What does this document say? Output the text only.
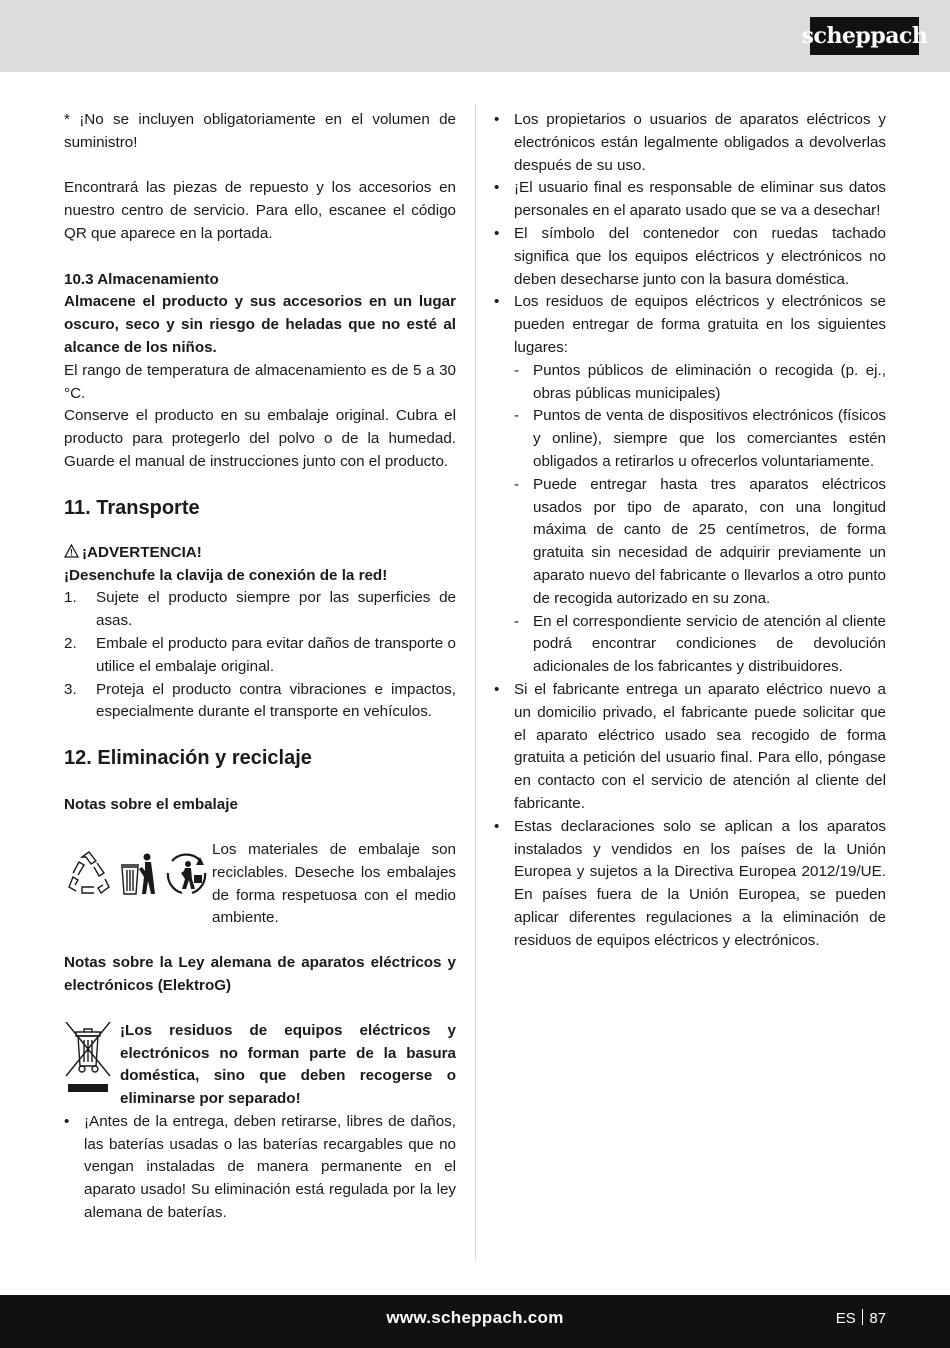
scheppach

* ¡No se incluyen obligatoriamente en el volumen de suministro!

Encontrará las piezas de repuesto y los accesorios en nuestro centro de servicio. Para ello, escanee el código QR que aparece en la portada.

10.3 Almacenamiento

Almacene el producto y sus accesorios en un lugar oscuro, seco y sin riesgo de heladas que no esté al alcance de los niños.

El rango de temperatura de almacenamiento es de 5 a 30 °C.

Conserve el producto en su embalaje original. Cubra el producto para protegerlo del polvo o de la humedad. Guarde el manual de instrucciones junto con el producto.

11. Transporte

¡ADVERTENCIA!

¡Desenchufe la clavija de conexión de la red!

1. Sujete el producto siempre por las superficies de asas.
2. Embale el producto para evitar daños de transporte o utilice el embalaje original.
3. Proteja el producto contra vibraciones e impactos, especialmente durante el transporte en vehículos.
12. Eliminación y reciclaje

Notas sobre el embalaje

Los materiales de embalaje son reciclables. Deseche los embalajes de forma respetuosa con el medio ambiente.

Notas sobre la Ley alemana de aparatos eléctricos y electrónicos (ElektroG)

¡Los residuos de equipos eléctricos y electrónicos no forman parte de la basura doméstica, sino que deben recogerse o eliminarse por separado!

• ¡Antes de la entrega, deben retirarse, libres de daños, las baterías usadas o las baterías recargables que no vengan instaladas de manera permanente en el aparato usado! Su eliminación está regulada por la ley alemana de baterías.
• Los propietarios o usuarios de aparatos eléctricos y electrónicos están legalmente obligados a devolverlas después de su uso.
• ¡El usuario final es responsable de eliminar sus datos personales en el aparato usado que se va a desechar!
• El símbolo del contenedor con ruedas tachado significa que los equipos eléctricos y electrónicos no deben desecharse junto con la basura doméstica.
• Los residuos de equipos eléctricos y electrónicos se pueden entregar de forma gratuita en los siguientes lugares:
- Puntos públicos de eliminación o recogida (p. ej., obras públicas municipales)
- Puntos de venta de dispositivos electrónicos (físicos y online), siempre que los comerciantes estén obligados a retirarlos u ofrecerlos voluntariamente.
- Puede entregar hasta tres aparatos eléctricos usados por tipo de aparato, con una longitud máxima de canto de 25 centímetros, de forma gratuita sin necesidad de adquirir previamente un aparato nuevo del fabricante o llevarlos a otro punto de recogida autorizado en su zona.
- En el correspondiente servicio de atención al cliente podrá encontrar condiciones de devolución adicionales de los fabricantes y distribuidores.
• Si el fabricante entrega un aparato eléctrico nuevo a un domicilio privado, el fabricante puede solicitar que el aparato eléctrico usado sea recogido de forma gratuita a petición del usuario final. Para ello, póngase en contacto con el servicio de atención al cliente del fabricante.
• Estas declaraciones solo se aplican a los aparatos instalados y vendidos en los países de la Unión Europea y sujetos a la Directiva Europea 2012/19/UE. En países fuera de la Unión Europea, se pueden aplicar diferentes regulaciones a la eliminación de residuos de equipos eléctricos y electrónicos.
www.scheppach.com	ES 87
